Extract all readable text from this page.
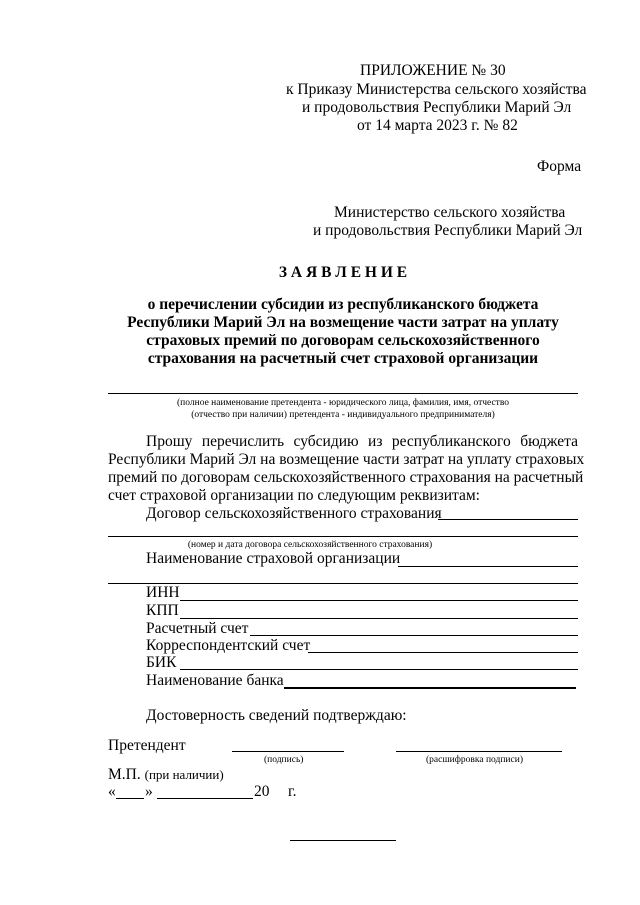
ПРИЛОЖЕНИЕ № 30
к Приказу Министерства сельского хозяйства
и продовольствия Республики Марий Эл
от 14 марта 2023 г. № 82
Форма
Министерство сельского хозяйства
и продовольствия Республики Марий Эл
З А Я В Л Е Н И Е
о перечислении субсидии из республиканского бюджета
Республики Марий Эл на возмещение части затрат на уплату
страховых премий по договорам сельскохозяйственного
страхования на расчетный счет страховой организации
(полное наименование претендента - юридического лица, фамилия, имя, отчество
(отчество при наличии) претендента - индивидуального предпринимателя)
Прошу перечислить субсидию из республиканского бюджета
Республики Марий Эл на возмещение части затрат на уплату страховых
премий по договорам сельскохозяйственного страхования на расчетный
счет страховой организации по следующим реквизитам:
Договор сельскохозяйственного страхования
(номер и дата договора сельскохозяйственного страхования)
Наименование страховой организации
ИНН
КПП
Расчетный счет
Корреспондентский счет
БИК
Наименование банка
Достоверность сведений подтверждаю:
Претендент
(подпись)	(расшифровка подписи)
М.П. (при наличии)
« »	20 г.
